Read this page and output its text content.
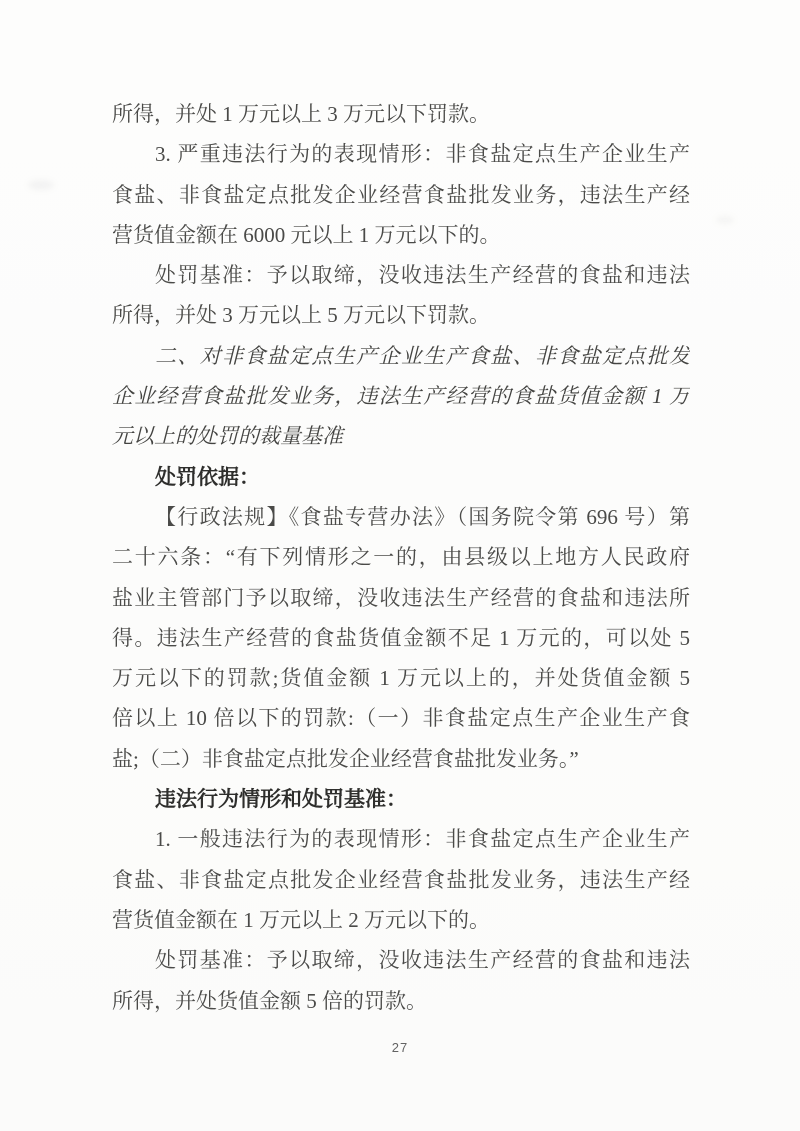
所得，并处 1 万元以上 3 万元以下罚款。
3. 严重违法行为的表现情形：非食盐定点生产企业生产
食盐、非食盐定点批发企业经营食盐批发业务，违法生产经
营货值金额在 6000 元以上 1 万元以下的。
处罚基准：予以取缔，没收违法生产经营的食盐和违法
所得，并处 3 万元以上 5 万元以下罚款。
二、对非食盐定点生产企业生产食盐、非食盐定点批发
企业经营食盐批发业务，违法生产经营的食盐货值金额 1 万
元以上的处罚的裁量基准
处罚依据：
【行政法规】《食盐专营办法》（国务院令第 696 号）第
二十六条：“有下列情形之一的，由县级以上地方人民政府
盐业主管部门予以取缔，没收违法生产经营的食盐和违法所
得。违法生产经营的食盐货值金额不足 1 万元的，可以处 5
万元以下的罚款;货值金额 1 万元以上的，并处货值金额 5
倍以上 10 倍以下的罚款:（一）非食盐定点生产企业生产食
盐;（二）非食盐定点批发企业经营食盐批发业务。”
违法行为情形和处罚基准：
1. 一般违法行为的表现情形：非食盐定点生产企业生产
食盐、非食盐定点批发企业经营食盐批发业务，违法生产经
营货值金额在 1 万元以上 2 万元以下的。
处罚基准：予以取缔，没收违法生产经营的食盐和违法
所得，并处货值金额 5 倍的罚款。
27
